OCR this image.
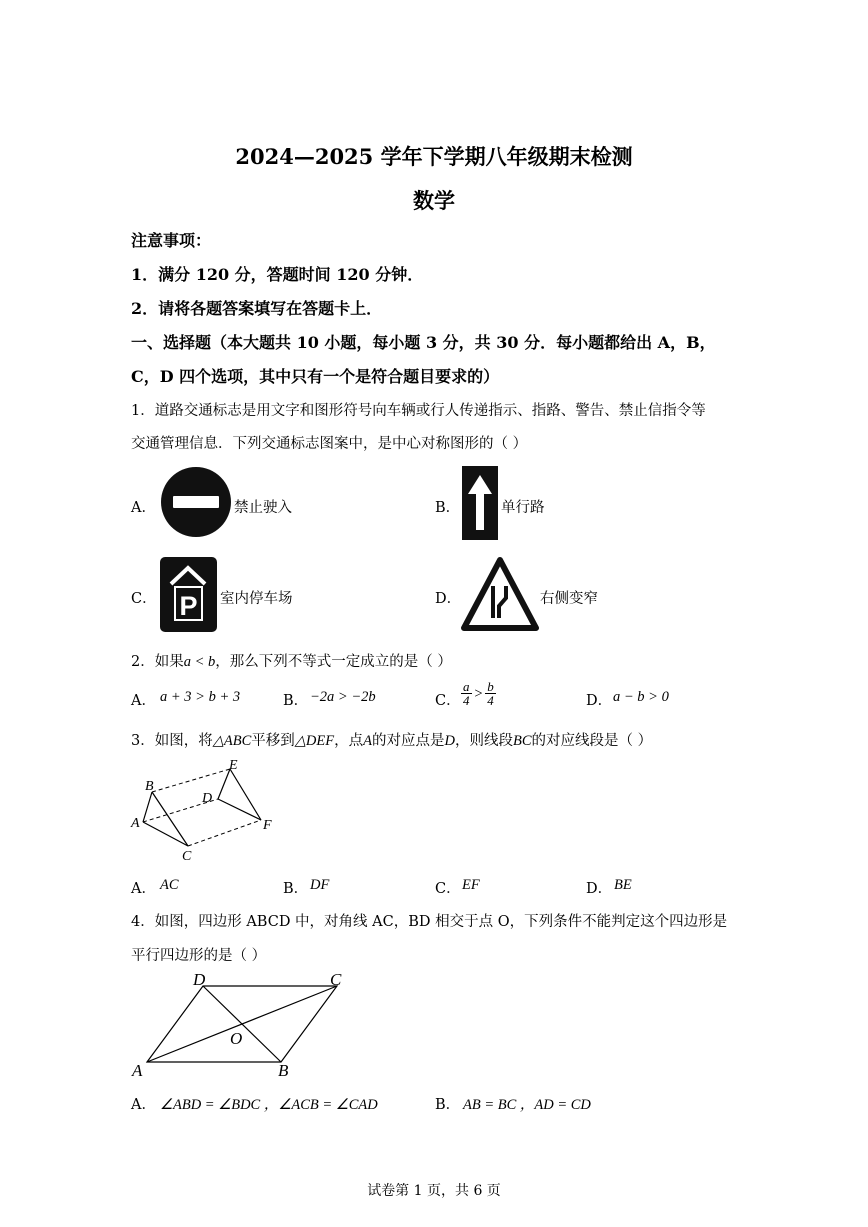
2024—2025 学年下学期八年级期末检测
数学
注意事项：
1．满分 120 分，答题时间 120 分钟．
2．请将各题答案填写在答题卡上．
一、选择题（本大题共 10 小题，每小题 3 分，共 30 分．每小题都给出 A，B，
C，D 四个选项，其中只有一个是符合题目要求的）
1．道路交通标志是用文字和图形符号向车辆或行人传递指示、指路、警告、禁止信指令等
交通管理信息．下列交通标志图案中，是中心对称图形的（ ）
A．	禁止驶入	B．	单行路
C． P 室内停车场	D．	右侧变窄
2．如果a < b，那么下列不等式一定成立的是（ ）
A． a + 3 > b + 3	B． −2a > −2b	C． $\frac{a}{4} > \frac{b}{4}$	D． a − b > 0
3．如图，将△ABC平移到△DEF，点A的对应点是D，则线段BC的对应线段是（ ）
B
A
C
D
E
F
A． AC	B． DF	C． EF	D． BE
4．如图，四边形 ABCD 中，对角线 AC，BD 相交于点 O，下列条件不能判定这个四边形是
平行四边形的是（ ）
D	C
O
A	B
A． ∠ABD = ∠BDC ，∠ACB = ∠CAD	B． AB = BC ，AD = CD
试卷第 1 页，共 6 页
